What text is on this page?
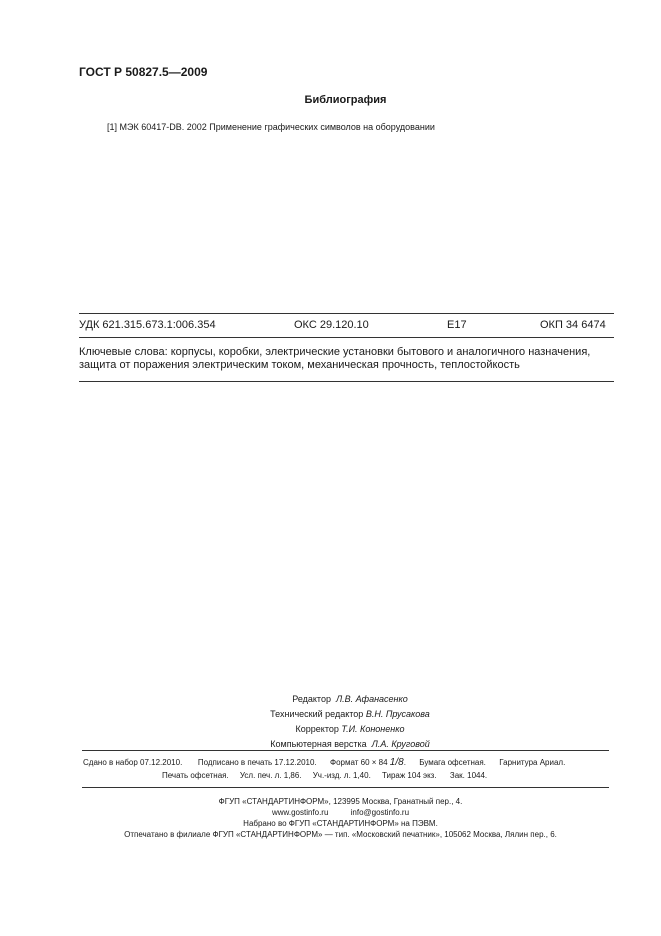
ГОСТ Р 50827.5—2009
Библиография
[1] МЭК 60417-DB. 2002 Применение графических символов на оборудовании
УДК 621.315.673.1:006.354	ОКС 29.120.10	Е17	ОКП 34 6474
Ключевые слова: корпусы, коробки, электрические установки бытового и аналогичного назначения,
защита от поражения электрическим током, механическая прочность, теплостойкость
Редактор Л.В. Афанасенко
Технический редактор В.Н. Прусакова
Корректор Т.И. Кононенко
Компьютерная верстка Л.А. Круговой
Сдано в набор 07.12.2010. Подписано в печать 17.12.2010. Формат 60 × 84 1/8.      Бумага офсетная. Гарнитура Ариал.
Печать офсетная. Усл. печ. л. 1,86. Уч.-изд. л. 1,40. Тираж 104 экз. Зак. 1044.
ФГУП «СТАНДАРТИНФОРМ», 123995 Москва, Гранатный пер., 4.
www.gostinfo.ru	info@gostinfo.ru
Набрано во ФГУП «СТАНДАРТИНФОРМ» на ПЭВМ.
Отпечатано в филиале ФГУП «СТАНДАРТИНФОРМ» — тип. «Московский печатник», 105062 Москва, Лялин пер., 6.
